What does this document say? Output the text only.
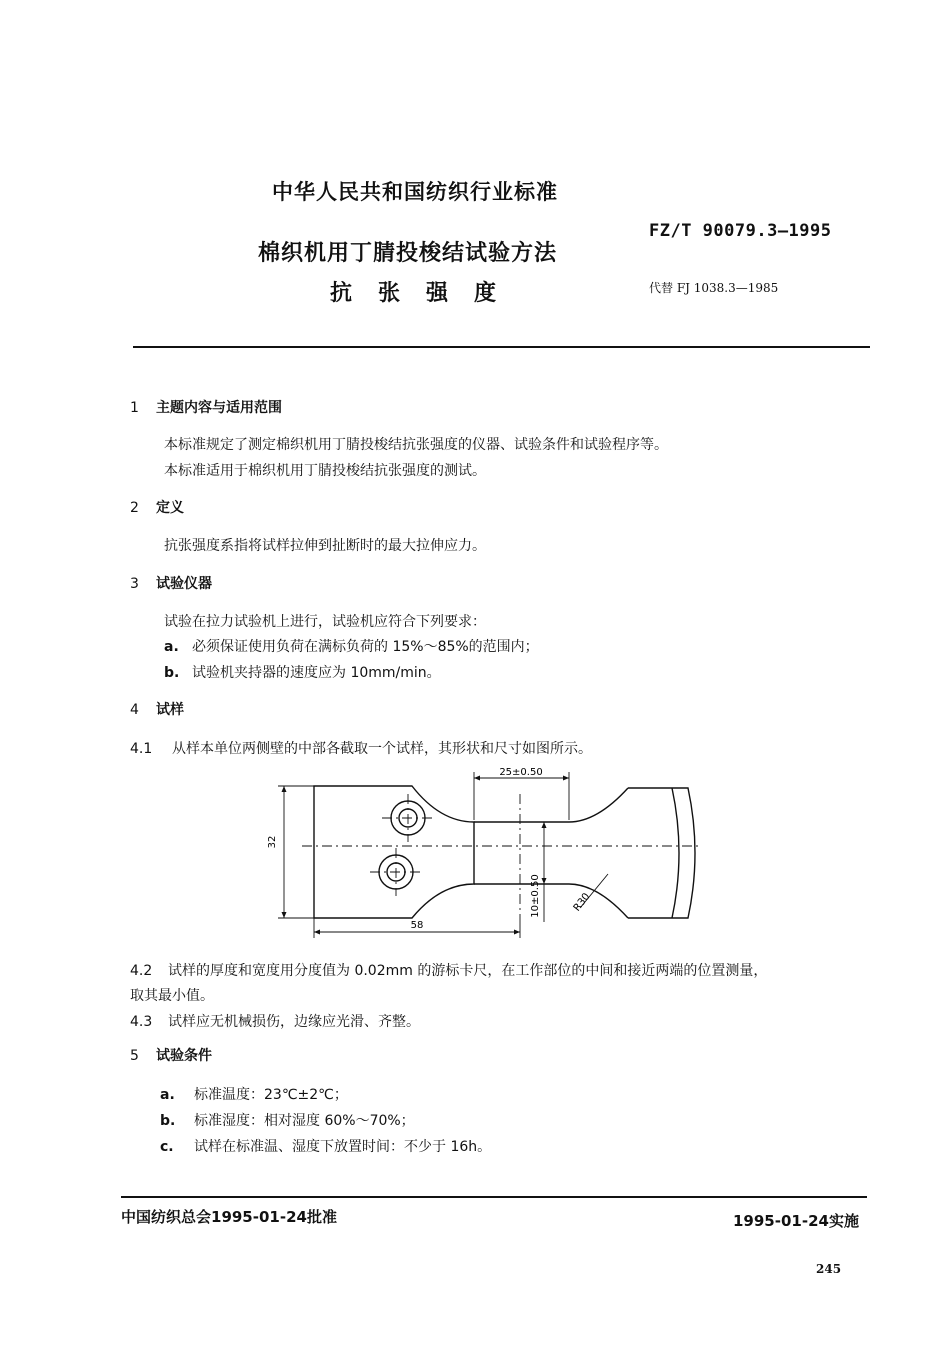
中华人民共和国纺织行业标准
棉织机用丁腈投梭结试验方法
抗张强度
FZ/T 90079.3—1995
代替 FJ 1038.3—1985
1 主题内容与适用范围
本标准规定了测定棉织机用丁腈投梭结抗张强度的仪器、试验条件和试验程序等。
本标准适用于棉织机用丁腈投梭结抗张强度的测试。
2 定义
抗张强度系指将试样拉伸到扯断时的最大拉伸应力。
3 试验仪器
试验在拉力试验机上进行，试验机应符合下列要求：
a. 必须保证使用负荷在满标负荷的 15%～85%的范围内；
b. 试验机夹持器的速度应为 10mm/min。
4 试样
4.1 从样本单位两侧壁的中部各截取一个试样，其形状和尺寸如图所示。
25±0.50
32
10±0.50	R30
58
4.2 试样的厚度和宽度用分度值为 0.02mm 的游标卡尺，在工作部位的中间和接近两端的位置测量，
取其最小值。
4.3 试样应无机械损伤，边缘应光滑、齐整。
5 试验条件
a. 标准温度：23℃±2℃；
b. 标准湿度：相对湿度 60%～70%；
c. 试样在标准温、湿度下放置时间：不少于 16h。
中国纺织总会1995-01-24批准	1995-01-24实施
245
